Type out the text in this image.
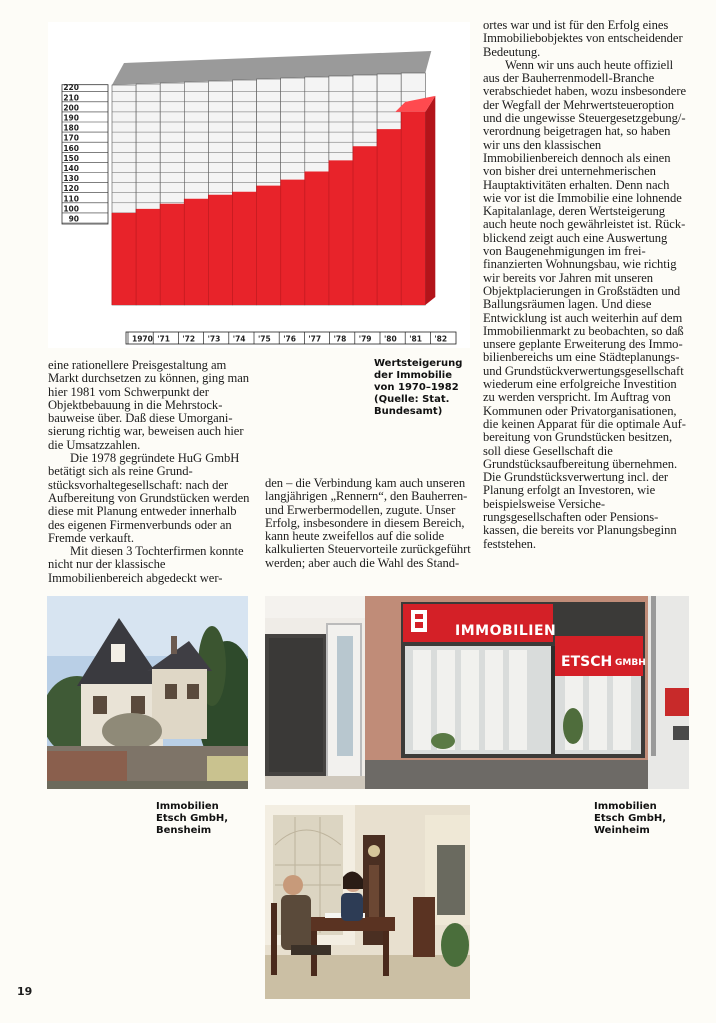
220
210
200
190
180
170
160
150
140
130
120
110
100
90
1970 '71 '72 '73 '74 '75 '76 '77 '78 '79 '80 '81 '82
Wertsteigerung
der Immobilie
von 1970–1982
(Quelle: Stat.
Bundesamt)

eine rationellere Preisgestaltung am Markt durchsetzen zu können, ging man hier 1981 vom Schwerpunkt der Objektbebauung in die Mehrstockbauweise über. Daß diese Umorganisierung richtig war, beweisen auch hier die Umsatzzahlen.

Die 1978 gegründete HuG GmbH betätigt sich als reine Grundstücksvorhaltegesellschaft: nach der Aufbereitung von Grundstücken werden diese mit Planung entweder innerhalb des eigenen Firmenverbunds oder an Fremde verkauft.

Mit diesen 3 Tochterfirmen konnte nicht nur der klassische Immobilienbereich abgedeckt wer-

den – die Verbindung kam auch unseren langjährigen „Rennern“, den Bauherren- und Erwerbermodellen, zugute. Unser Erfolg, insbesondere in diesem Bereich, kann heute zweifellos auf die solide kalkulierten Steuervorteile zurückgeführt werden; aber auch die Wahl des Stand-

ortes war und ist für den Erfolg eines Immobiliebobjektes von entscheidender Bedeutung.

Wenn wir uns auch heute offiziell aus der Bauherrenmodell-Branche verabschiedet haben, wozu insbesondere der Wegfall der Mehrwertsteueroption und die ungewisse Steuergesetzgebung/-verordnung beigetragen hat, so haben wir uns den klassischen Immobilienbereich dennoch als einen von bisher drei unternehmerischen Hauptaktivitäten erhalten. Denn nach wie vor ist die Immobilie eine lohnende Kapitalanlage, deren Wertsteigerung auch heute noch gewährleistet ist. Rückblickend zeigt auch eine Auswertung von Baugenehmigungen im freifinanzierten Wohnungsbau, wie richtig wir bereits vor Jahren mit unseren Objektplacierungen in Großstädten und Ballungsräumen lagen. Und diese Entwicklung ist auch weiterhin auf dem Immobilienmarkt zu beobachten, so daß unsere geplante Erweiterung des Immobilienbereichs um eine Städteplanungs- und Grundstückverwertungsgesellschaft wiederum eine erfolgreiche Investition zu werden verspricht. Im Auftrag von Kommunen oder Privatorganisationen, die keinen Apparat für die optimale Aufbereitung von Grundstücken besitzen, soll diese Gesellschaft die Grundstücksaufbereitung übernehmen. Die Grundstücksverwertung incl. der Planung erfolgt an Investoren, wie beispielsweise Versicherungsgesellschaften oder Pensionskassen, die bereits vor Planungsbeginn feststehen.

IMMOBILIEN
ETSCH GMBH
Immobilien
Etsch GmbH,
Bensheim
Immobilien
Etsch GmbH,
Weinheim
19
